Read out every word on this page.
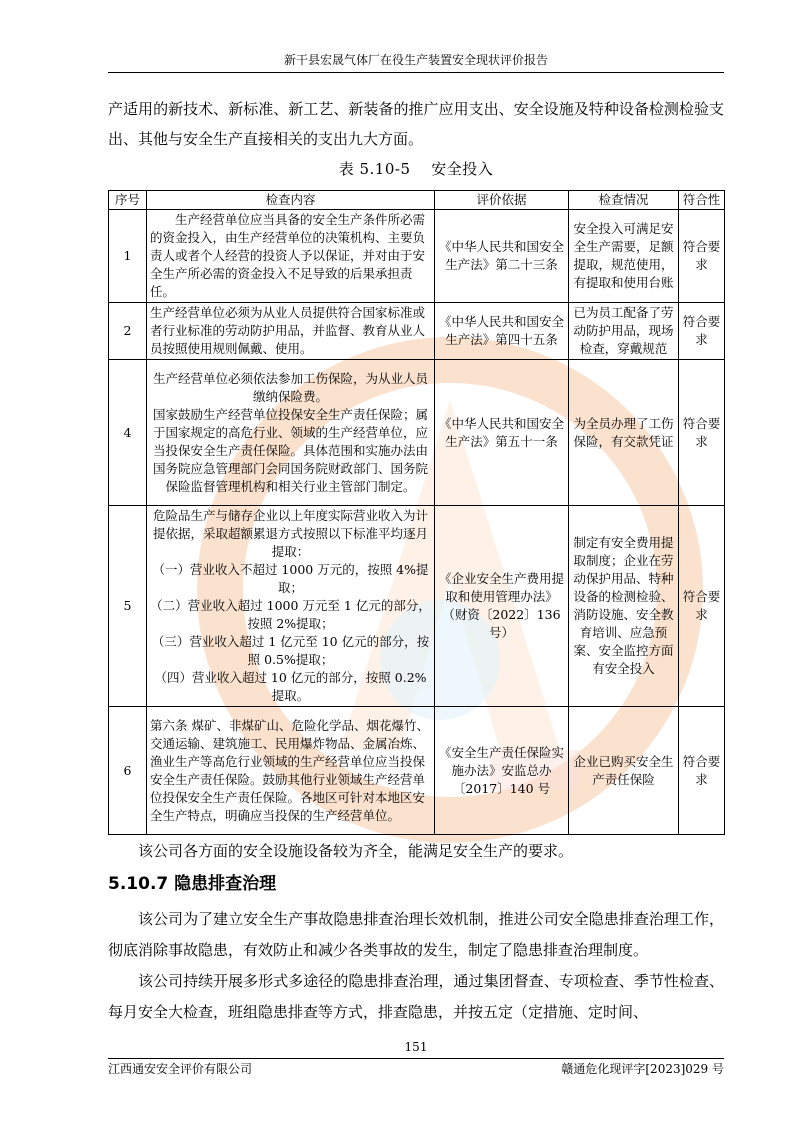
新干县宏晟气体厂在役生产装置安全现状评价报告
产适用的新技术、新标准、新工艺、新装备的推广应用支出、安全设施及特种设备检测检验支出、其他与安全生产直接相关的支出九大方面。
表 5.10-5　 安全投入
序号	检查内容	评价依据	检查情况	符合性
1	生产经营单位应当具备的安全生产条件所必需的资金投入，由生产经营单位的决策机构、主要负责人或者个人经营的投资人予以保证，并对由于安全生产所必需的资金投入不足导致的后果承担责任。	《中华人民共和国安全生产法》第二十三条	安全投入可满足安全生产需要，足额提取，规范使用，有提取和使用台账	符合要求
2	生产经营单位必须为从业人员提供符合国家标准或者行业标准的劳动防护用品，并监督、教育从业人员按照使用规则佩戴、使用。	《中华人民共和国安全生产法》第四十五条	已为员工配备了劳动防护用品，现场检查，穿戴规范	符合要求
4	生产经营单位必须依法参加工伤保险，为从业人员缴纳保险费。
国家鼓励生产经营单位投保安全生产责任保险；属于国家规定的高危行业、领域的生产经营单位，应当投保安全生产责任保险。具体范围和实施办法由国务院应急管理部门会同国务院财政部门、国务院保险监督管理机构和相关行业主管部门制定。	《中华人民共和国安全生产法》第五十一条	为全员办理了工伤保险，有交款凭证	符合要求
5	危险品生产与储存企业以上年度实际营业收入为计提依据，采取超额累退方式按照以下标准平均逐月提取：
（一）营业收入不超过 1000 万元的，按照 4%提取；
（二）营业收入超过 1000 万元至 1 亿元的部分，按照 2%提取；
（三）营业收入超过 1 亿元至 10 亿元的部分，按照 0.5%提取；
（四）营业收入超过 10 亿元的部分，按照 0.2%提取。	《企业安全生产费用提取和使用管理办法》（财资〔2022〕136 号）	制定有安全费用提取制度；企业在劳动保护用品、特种设备的检测检验、消防设施、安全教育培训、应急预案、安全监控方面有安全投入	符合要求
6	第六条 煤矿、非煤矿山、危险化学品、烟花爆竹、交通运输、建筑施工、民用爆炸物品、金属冶炼、渔业生产等高危行业领域的生产经营单位应当投保安全生产责任保险。鼓励其他行业领域生产经营单位投保安全生产责任保险。各地区可针对本地区安全生产特点，明确应当投保的生产经营单位。	《安全生产责任保险实施办法》安监总办〔2017〕140 号	企业已购买安全生产责任保险	符合要求
该公司各方面的安全设施设备较为齐全，能满足安全生产的要求。
5.10.7 隐患排查治理
该公司为了建立安全生产事故隐患排查治理长效机制，推进公司安全隐患排查治理工作，彻底消除事故隐患，有效防止和减少各类事故的发生，制定了隐患排查治理制度。
该公司持续开展多形式多途径的隐患排查治理，通过集团督查、专项检查、季节性检查、每月安全大检查，班组隐患排查等方式，排查隐患，并按五定（定措施、定时间、
151
江西通安安全评价有限公司	赣通危化现评字[2023]029 号
